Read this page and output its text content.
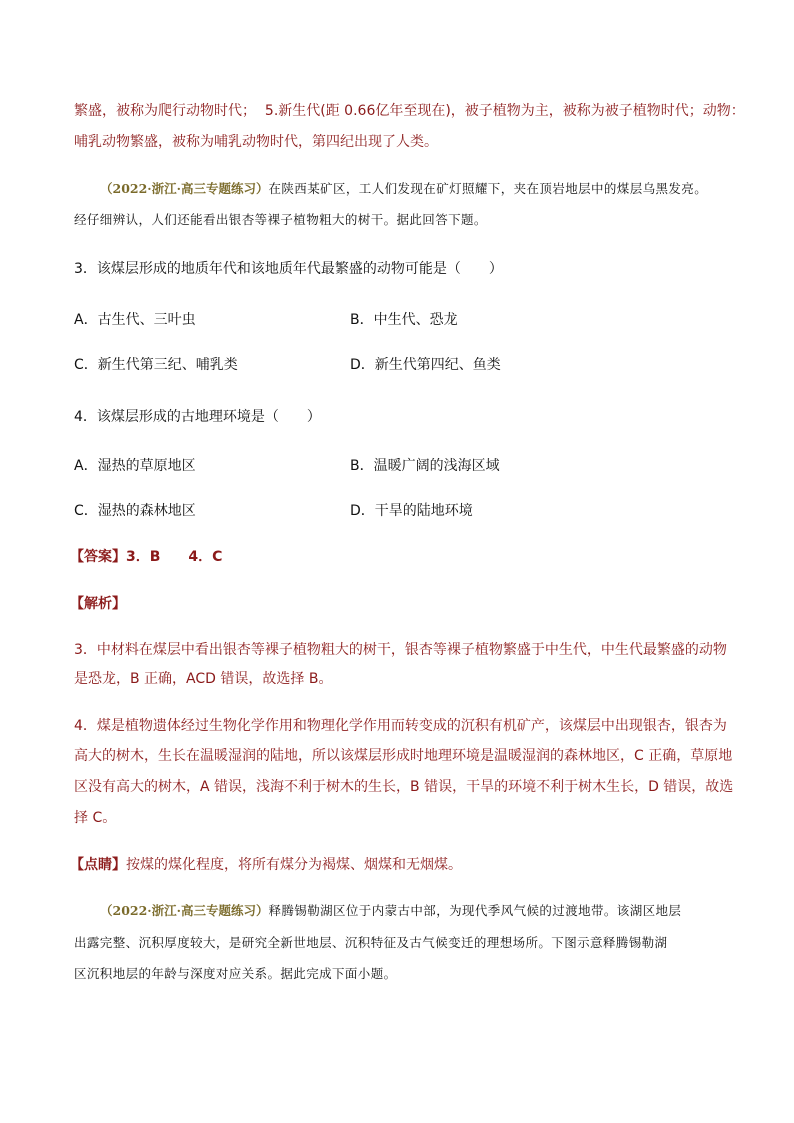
繁盛，被称为爬行动物时代； 5.新生代(距 0.66亿年至现在)，被子植物为主，被称为被子植物时代；动物：
哺乳动物繁盛，被称为哺乳动物时代，第四纪出现了人类。
（2022·浙江·高三专题练习）在陕西某矿区，工人们发现在矿灯照耀下，夹在顶岩地层中的煤层乌黑发亮。
经仔细辨认，人们还能看出银杏等裸子植物粗大的树干。据此回答下题。
3．该煤层形成的地质年代和该地质年代最繁盛的动物可能是（　　）
A．古生代、三叶虫	B．中生代、恐龙
C．新生代第三纪、哺乳类	D．新生代第四纪、鱼类
4．该煤层形成的古地理环境是（　　）
A．湿热的草原地区	B．温暖广阔的浅海区域
C．湿热的森林地区	D．干旱的陆地环境
【答案】3．B　　4．C
【解析】
3．中材料在煤层中看出银杏等裸子植物粗大的树干，银杏等裸子植物繁盛于中生代，中生代最繁盛的动物
是恐龙，B 正确，ACD 错误，故选择 B。
4．煤是植物遗体经过生物化学作用和物理化学作用而转变成的沉积有机矿产，该煤层中出现银杏，银杏为
高大的树木，生长在温暖湿润的陆地，所以该煤层形成时地理环境是温暖湿润的森林地区，C 正确，草原地
区没有高大的树木，A 错误，浅海不利于树木的生长，B 错误，干旱的环境不利于树木生长，D 错误，故选
择 C。
【点睛】按煤的煤化程度，将所有煤分为褐煤、烟煤和无烟煤。
（2022·浙江·高三专题练习）释腾锡勒湖区位于内蒙古中部，为现代季风气候的过渡地带。该湖区地层
出露完整、沉积厚度较大，是研究全新世地层、沉积特征及古气候变迁的理想场所。下图示意释腾锡勒湖
区沉积地层的年龄与深度对应关系。据此完成下面小题。
